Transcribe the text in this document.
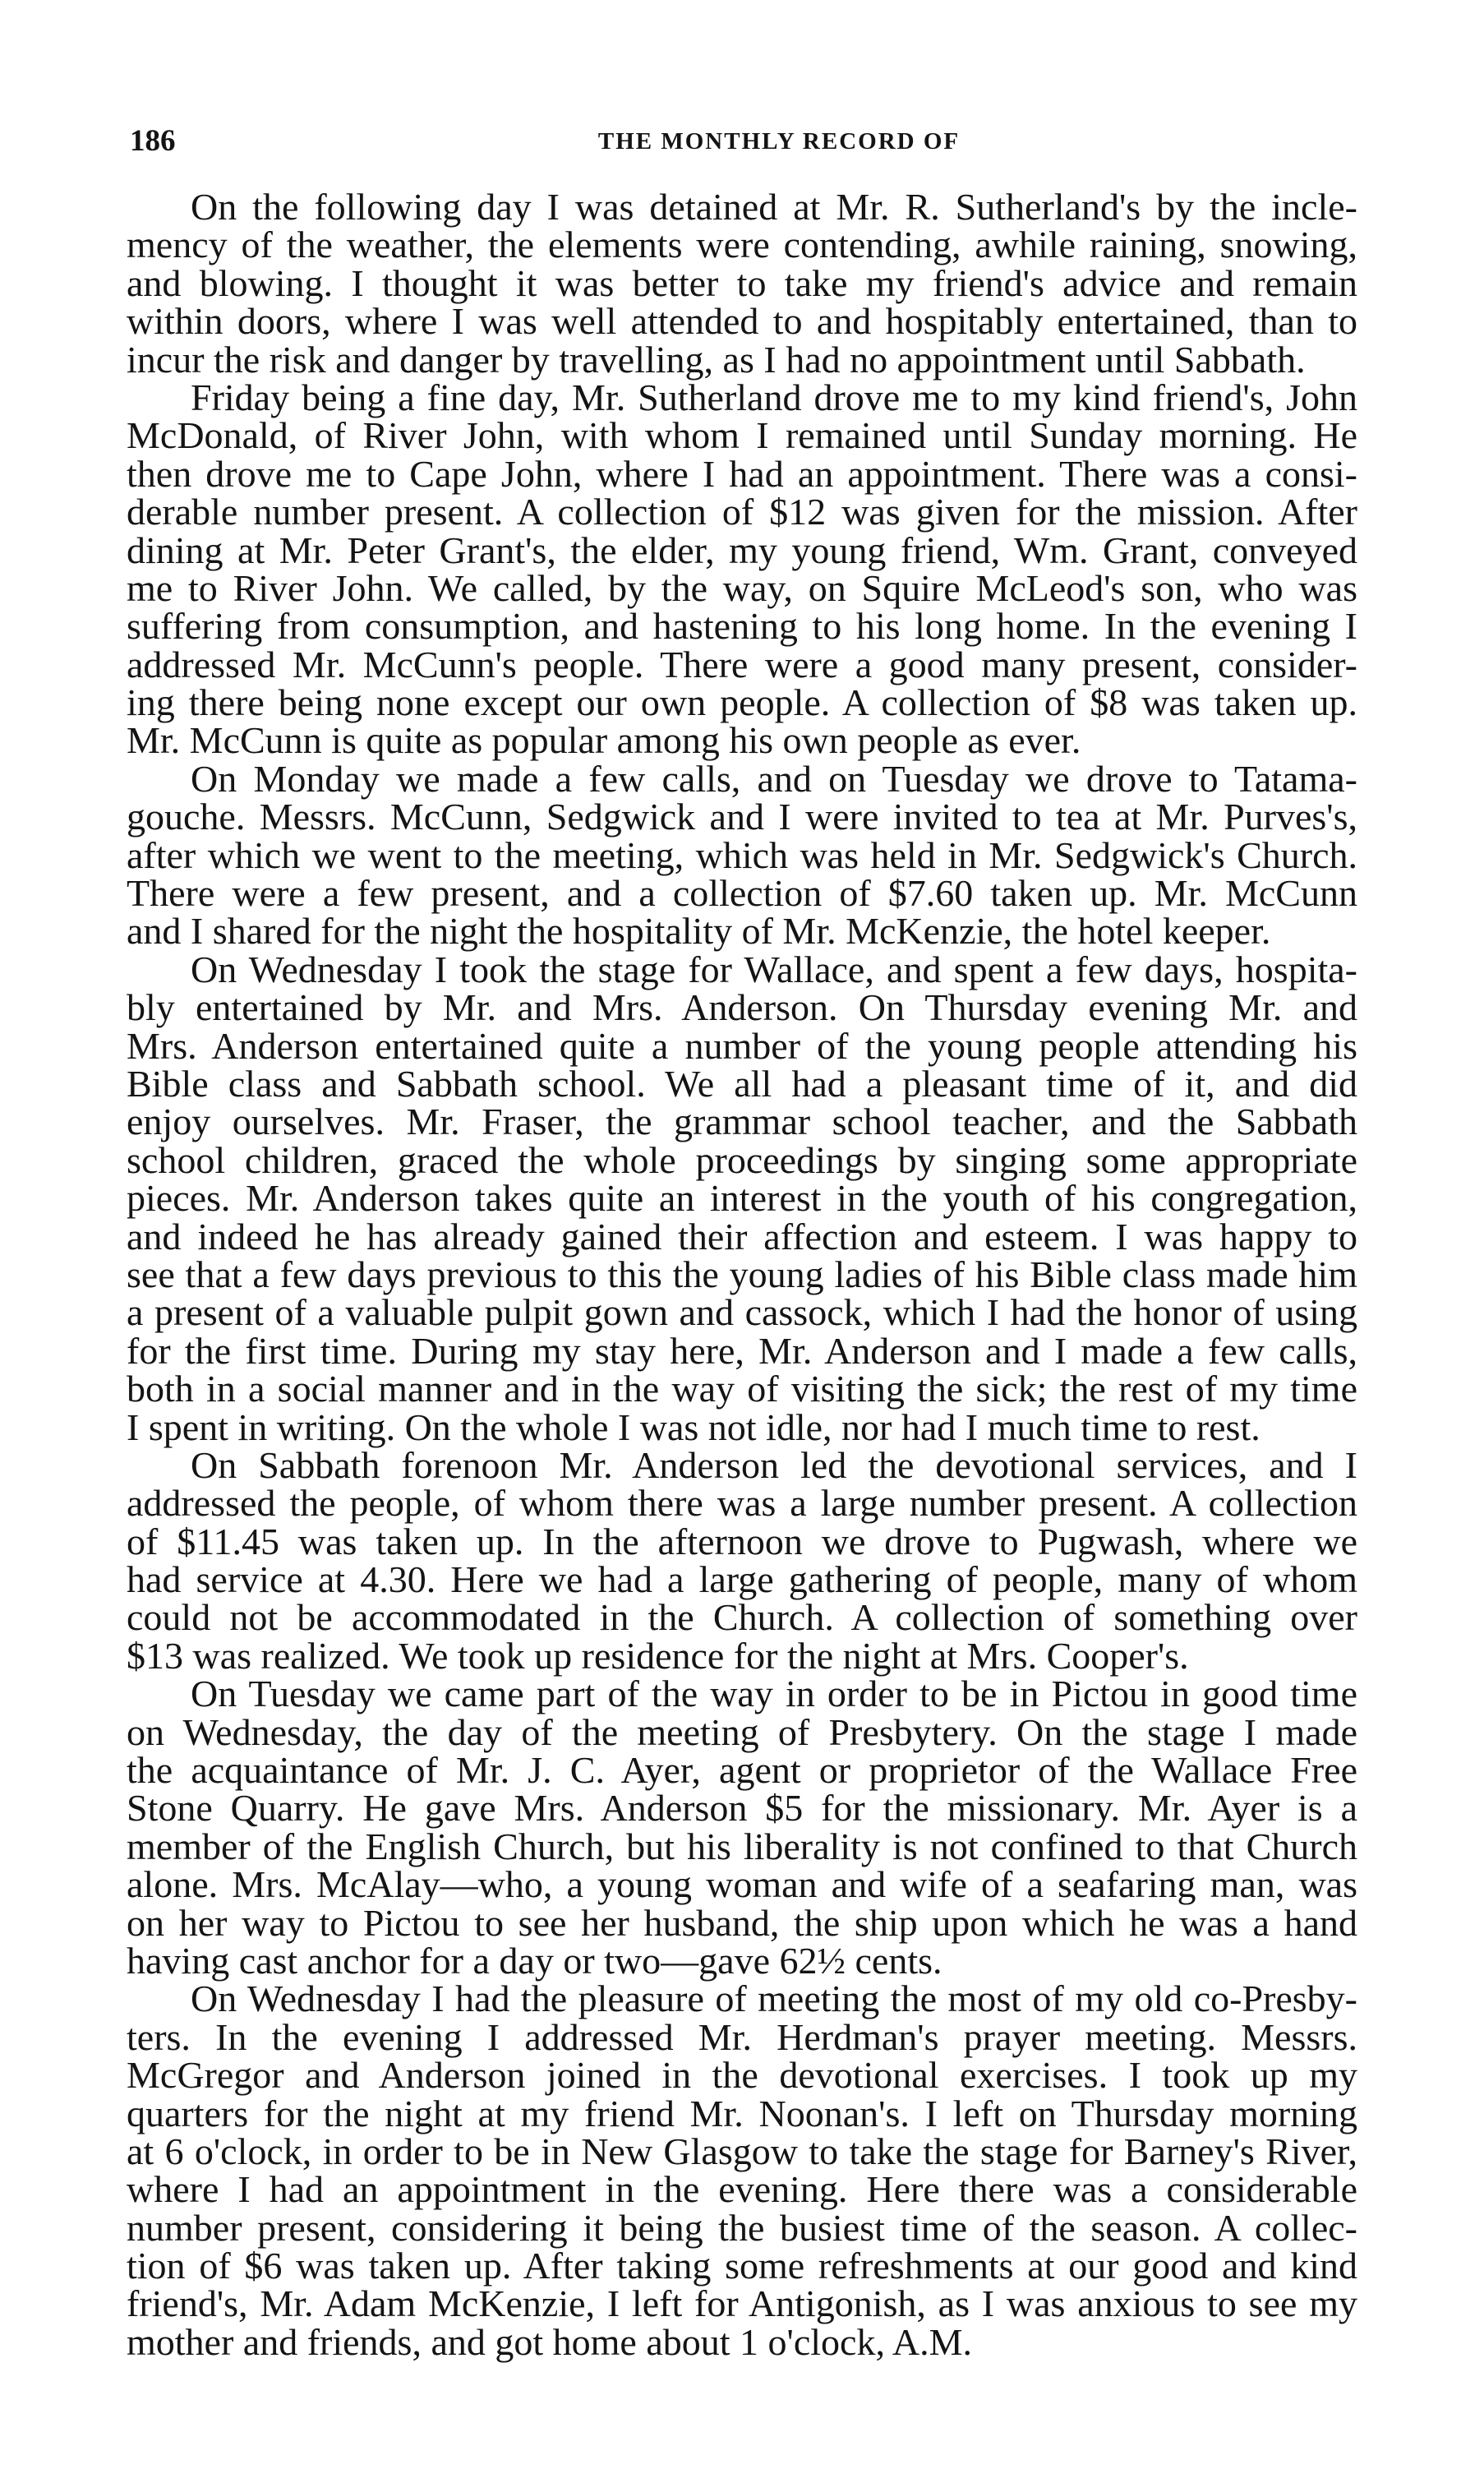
186	THE MONTHLY RECORD OF
On the following day I was detained at Mr. R. Sutherland's by the incle-
mency of the weather, the elements were contending, awhile raining, snowing,
and blowing. I thought it was better to take my friend's advice and remain
within doors, where I was well attended to and hospitably entertained, than to
incur the risk and danger by travelling, as I had no appointment until Sabbath.
Friday being a fine day, Mr. Sutherland drove me to my kind friend's, John
McDonald, of River John, with whom I remained until Sunday morning. He
then drove me to Cape John, where I had an appointment. There was a consi-
derable number present. A collection of $12 was given for the mission. After
dining at Mr. Peter Grant's, the elder, my young friend, Wm. Grant, conveyed
me to River John. We called, by the way, on Squire McLeod's son, who was
suffering from consumption, and hastening to his long home. In the evening I
addressed Mr. McCunn's people. There were a good many present, consider-
ing there being none except our own people. A collection of $8 was taken up.
Mr. McCunn is quite as popular among his own people as ever.
On Monday we made a few calls, and on Tuesday we drove to Tatama-
gouche. Messrs. McCunn, Sedgwick and I were invited to tea at Mr. Purves's,
after which we went to the meeting, which was held in Mr. Sedgwick's Church.
There were a few present, and a collection of $7.60 taken up. Mr. McCunn
and I shared for the night the hospitality of Mr. McKenzie, the hotel keeper.
On Wednesday I took the stage for Wallace, and spent a few days, hospita-
bly entertained by Mr. and Mrs. Anderson. On Thursday evening Mr. and
Mrs. Anderson entertained quite a number of the young people attending his
Bible class and Sabbath school. We all had a pleasant time of it, and did
enjoy ourselves. Mr. Fraser, the grammar school teacher, and the Sabbath
school children, graced the whole proceedings by singing some appropriate
pieces. Mr. Anderson takes quite an interest in the youth of his congregation,
and indeed he has already gained their affection and esteem. I was happy to
see that a few days previous to this the young ladies of his Bible class made him
a present of a valuable pulpit gown and cassock, which I had the honor of using
for the first time. During my stay here, Mr. Anderson and I made a few calls,
both in a social manner and in the way of visiting the sick; the rest of my time
I spent in writing. On the whole I was not idle, nor had I much time to rest.
On Sabbath forenoon Mr. Anderson led the devotional services, and I
addressed the people, of whom there was a large number present. A collection
of $11.45 was taken up. In the afternoon we drove to Pugwash, where we
had service at 4.30. Here we had a large gathering of people, many of whom
could not be accommodated in the Church. A collection of something over
$13 was realized. We took up residence for the night at Mrs. Cooper's.
On Tuesday we came part of the way in order to be in Pictou in good time
on Wednesday, the day of the meeting of Presbytery. On the stage I made
the acquaintance of Mr. J. C. Ayer, agent or proprietor of the Wallace Free
Stone Quarry. He gave Mrs. Anderson $5 for the missionary. Mr. Ayer is a
member of the English Church, but his liberality is not confined to that Church
alone. Mrs. McAlay—who, a young woman and wife of a seafaring man, was
on her way to Pictou to see her husband, the ship upon which he was a hand
having cast anchor for a day or two—gave 62½ cents.
On Wednesday I had the pleasure of meeting the most of my old co-Presby-
ters. In the evening I addressed Mr. Herdman's prayer meeting. Messrs.
McGregor and Anderson joined in the devotional exercises. I took up my
quarters for the night at my friend Mr. Noonan's. I left on Thursday morning
at 6 o'clock, in order to be in New Glasgow to take the stage for Barney's River,
where I had an appointment in the evening. Here there was a considerable
number present, considering it being the busiest time of the season. A collec-
tion of $6 was taken up. After taking some refreshments at our good and kind
friend's, Mr. Adam McKenzie, I left for Antigonish, as I was anxious to see my
mother and friends, and got home about 1 o'clock, A.M.
